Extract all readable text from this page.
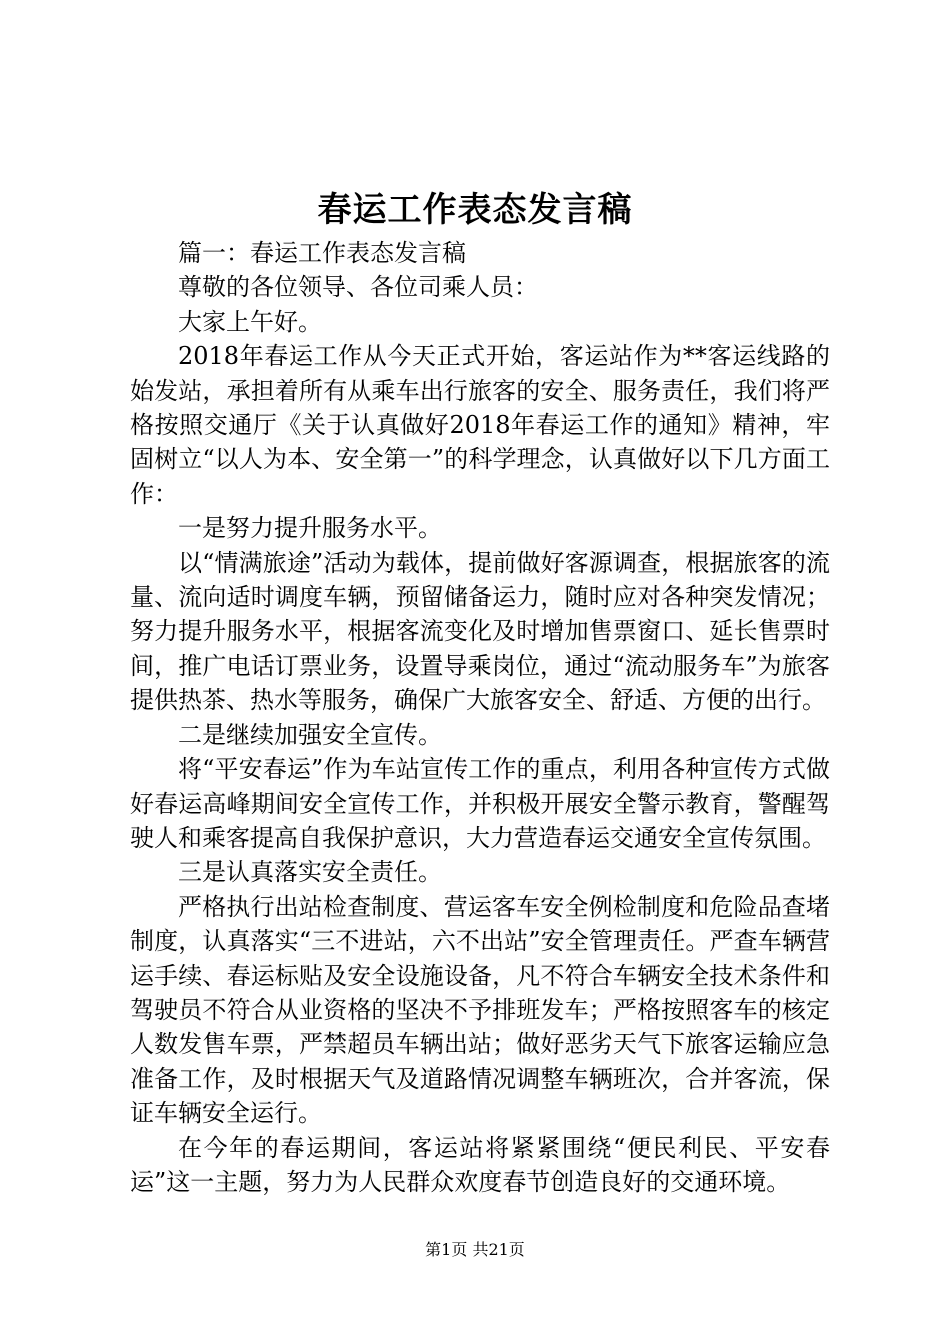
春运工作表态发言稿

篇一：春运工作表态发言稿

尊敬的各位领导、各位司乘人员：

大家上午好。

2018年春运工作从今天正式开始，客运站作为**客运线路的始发站，承担着所有从乘车出行旅客的安全、服务责任，我们将严格按照交通厅《关于认真做好2018年春运工作的通知》精神，牢固树立“以人为本、安全第一”的科学理念，认真做好以下几方面工作：

一是努力提升服务水平。

以“情满旅途”活动为载体，提前做好客源调查，根据旅客的流量、流向适时调度车辆，预留储备运力，随时应对各种突发情况；努力提升服务水平，根据客流变化及时增加售票窗口、延长售票时间，推广电话订票业务，设置导乘岗位，通过“流动服务车”为旅客提供热茶、热水等服务，确保广大旅客安全、舒适、方便的出行。

二是继续加强安全宣传。

将“平安春运”作为车站宣传工作的重点，利用各种宣传方式做好春运高峰期间安全宣传工作，并积极开展安全警示教育，警醒驾驶人和乘客提高自我保护意识，大力营造春运交通安全宣传氛围。

三是认真落实安全责任。

严格执行出站检查制度、营运客车安全例检制度和危险品查堵制度，认真落实“三不进站，六不出站”安全管理责任。严查车辆营运手续、春运标贴及安全设施设备，凡不符合车辆安全技术条件和驾驶员不符合从业资格的坚决不予排班发车；严格按照客车的核定人数发售车票，严禁超员车辆出站；做好恶劣天气下旅客运输应急准备工作，及时根据天气及道路情况调整车辆班次，合并客流，保证车辆安全运行。

在今年的春运期间，客运站将紧紧围绕“便民利民、平安春运”这一主题，努力为人民群众欢度春节创造良好的交通环境。

第1页 共21页
